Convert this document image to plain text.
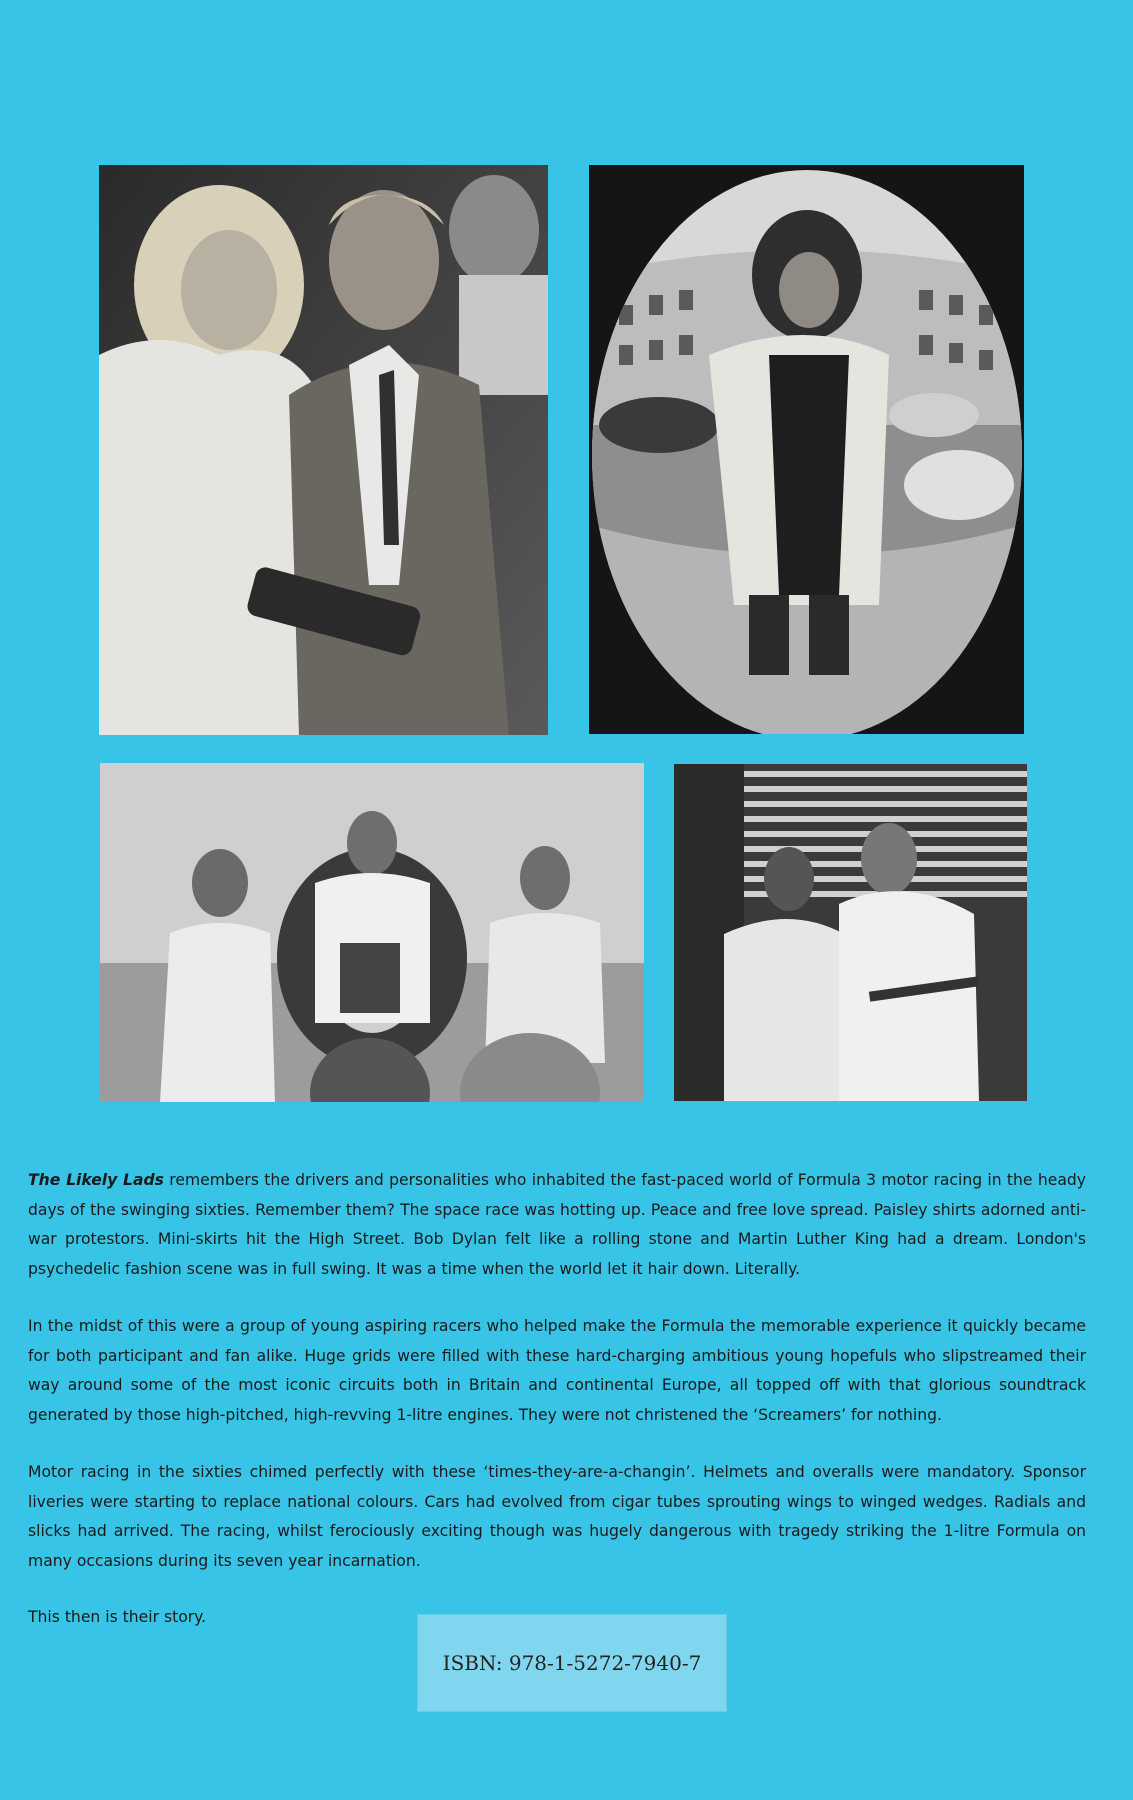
The Likely Lads remembers the drivers and personalities who inhabited the fast-paced world of Formula 3 motor racing in the heady days of the swinging sixties. Remember them? The space race was hotting up. Peace and free love spread. Paisley shirts adorned anti-war protestors. Mini-skirts hit the High Street. Bob Dylan felt like a rolling stone and Martin Luther King had a dream. London's psychedelic fashion scene was in full swing. It was a time when the world let it hair down. Literally.

In the midst of this were a group of young aspiring racers who helped make the Formula the memorable experience it quickly became for both participant and fan alike. Huge grids were filled with these hard-charging ambitious young hopefuls who slipstreamed their way around some of the most iconic circuits both in Britain and continental Europe, all topped off with that glorious soundtrack generated by those high-pitched, high-revving 1-litre engines. They were not christened the ‘Screamers’ for nothing.

Motor racing in the sixties chimed perfectly with these ‘times-they-are-a-changin’. Helmets and overalls were mandatory. Sponsor liveries were starting to replace national colours. Cars had evolved from cigar tubes sprouting wings to winged wedges. Radials and slicks had arrived. The racing, whilst ferociously exciting though was hugely dangerous with tragedy striking the 1-litre Formula on many occasions during its seven year incarnation.

This then is their story.

ISBN: 978-1-5272-7940-7
